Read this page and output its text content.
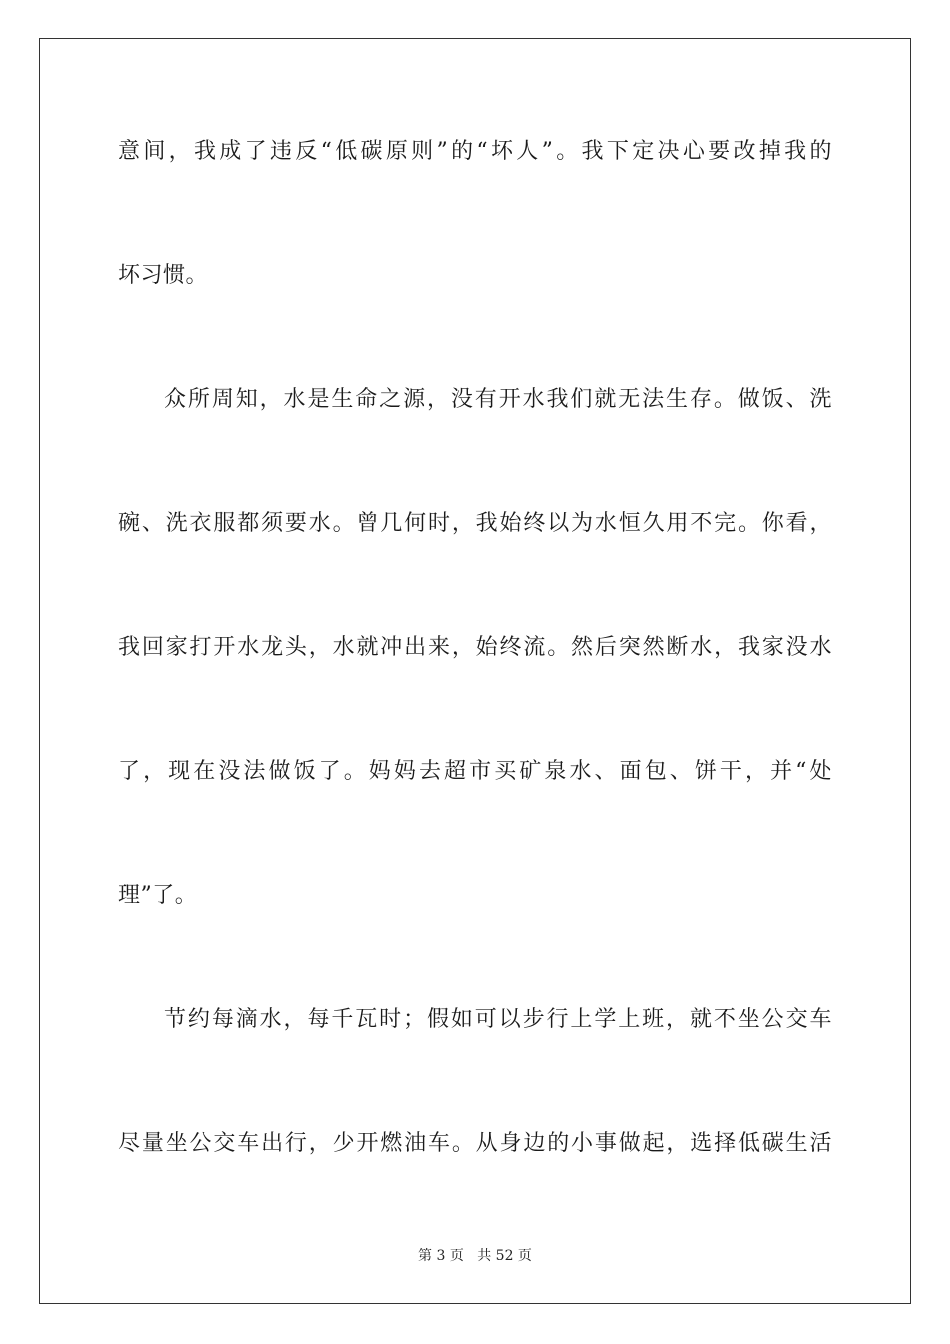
意间，我成了违反“低碳原则”的“坏人”。我下定决心要改掉我的
坏习惯。
众所周知，水是生命之源，没有开水我们就无法生存。做饭、洗
碗、洗衣服都须要水。曾几何时，我始终以为水恒久用不完。你看，
我回家打开水龙头，水就冲出来，始终流。然后突然断水，我家没水
了，现在没法做饭了。妈妈去超市买矿泉水、面包、饼干，并“处
理”了。
节约每滴水，每千瓦时；假如可以步行上学上班，就不坐公交车
尽量坐公交车出行，少开燃油车。从身边的小事做起，选择低碳生活
第 3 页 共 52 页
